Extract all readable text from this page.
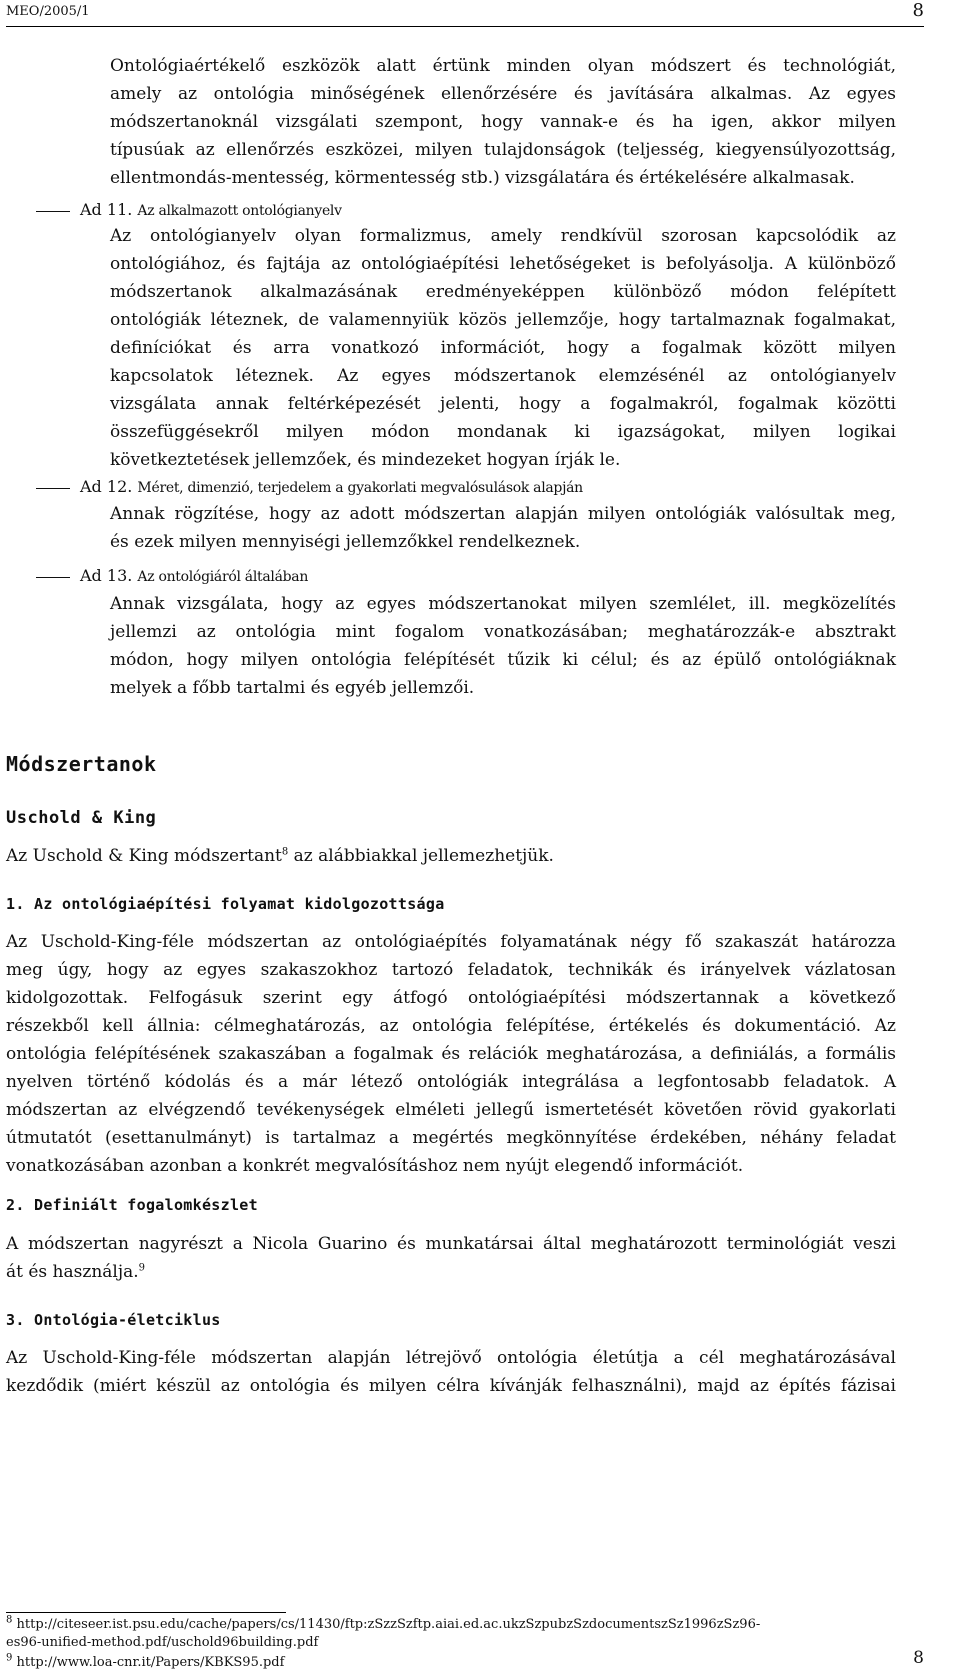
MEO/2005/1	8
Ontológiaértékelő eszközök alatt értünk minden olyan módszert és technológiát,
amely az ontológia minőségének ellenőrzésére és javítására alkalmas. Az egyes
módszertanoknál vizsgálati szempont, hogy vannak-e és ha igen, akkor milyen
típusúak az ellenőrzés eszközei, milyen tulajdonságok (teljesség, kiegyensúlyozottság,
ellentmondás-mentesség, körmentesség stb.) vizsgálatára és értékelésére alkalmasak.
Ad 11. Az alkalmazott ontológianyelv
Az ontológianyelv olyan formalizmus, amely rendkívül szorosan kapcsolódik az
ontológiához, és fajtája az ontológiaépítési lehetőségeket is befolyásolja. A különböző
módszertanok alkalmazásának eredményeképpen különböző módon felépített
ontológiák léteznek, de valamennyiük közös jellemzője, hogy tartalmaznak fogalmakat,
definíciókat és arra vonatkozó információt, hogy a fogalmak között milyen
kapcsolatok léteznek. Az egyes módszertanok elemzésénél az ontológianyelv
vizsgálata annak feltérképezését jelenti, hogy a fogalmakról, fogalmak közötti
összefüggésekről milyen módon mondanak ki igazságokat, milyen logikai
következtetések jellemzőek, és mindezeket hogyan írják le.
Ad 12. Méret, dimenzió, terjedelem a gyakorlati megvalósulások alapján
Annak rögzítése, hogy az adott módszertan alapján milyen ontológiák valósultak meg,
és ezek milyen mennyiségi jellemzőkkel rendelkeznek.
Ad 13. Az ontológiáról általában
Annak vizsgálata, hogy az egyes módszertanokat milyen szemlélet, ill. megközelítés
jellemzi az ontológia mint fogalom vonatkozásában; meghatározzák-e absztrakt
módon, hogy milyen ontológia felépítését tűzik ki célul; és az épülő ontológiáknak
melyek a főbb tartalmi és egyéb jellemzői.
Módszertanok
Uschold & King
Az Uschold & King módszertant$^8$ az alábbiakkal jellemezhetjük.
1. Az ontológiaépítési folyamat kidolgozottsága
Az Uschold-King-féle módszertan az ontológiaépítés folyamatának négy fő szakaszát határozza
meg úgy, hogy az egyes szakaszokhoz tartozó feladatok, technikák és irányelvek vázlatosan
kidolgozottak. Felfogásuk szerint egy átfogó ontológiaépítési módszertannak a következő
részekből kell állnia: célmeghatározás, az ontológia felépítése, értékelés és dokumentáció. Az
ontológia felépítésének szakaszában a fogalmak és relációk meghatározása, a definiálás, a formális
nyelven történő kódolás és a már létező ontológiák integrálása a legfontosabb feladatok. A
módszertan az elvégzendő tevékenységek elméleti jellegű ismertetését követően rövid gyakorlati
útmutatót (esettanulmányt) is tartalmaz a megértés megkönnyítése érdekében, néhány feladat
vonatkozásában azonban a konkrét megvalósításhoz nem nyújt elegendő információt.
2. Definiált fogalomkészlet
A módszertan nagyrészt a Nicola Guarino és munkatársai által meghatározott terminológiát veszi
át és használja.$^9$
3. Ontológia-életciklus
Az Uschold-King-féle módszertan alapján létrejövő ontológia életútja a cél meghatározásával
kezdődik (miért készül az ontológia és milyen célra kívánják felhasználni), majd az építés fázisai
$^8$ http://citeseer.ist.psu.edu/cache/papers/cs/11430/ftp:zSzzSzftp.aiai.ed.ac.ukzSzpubzSzdocumentszSz1996zSz96-
es96-unified-method.pdf/uschold96building.pdf
$^9$ http://www.loa-cnr.it/Papers/KBKS95.pdf	8
